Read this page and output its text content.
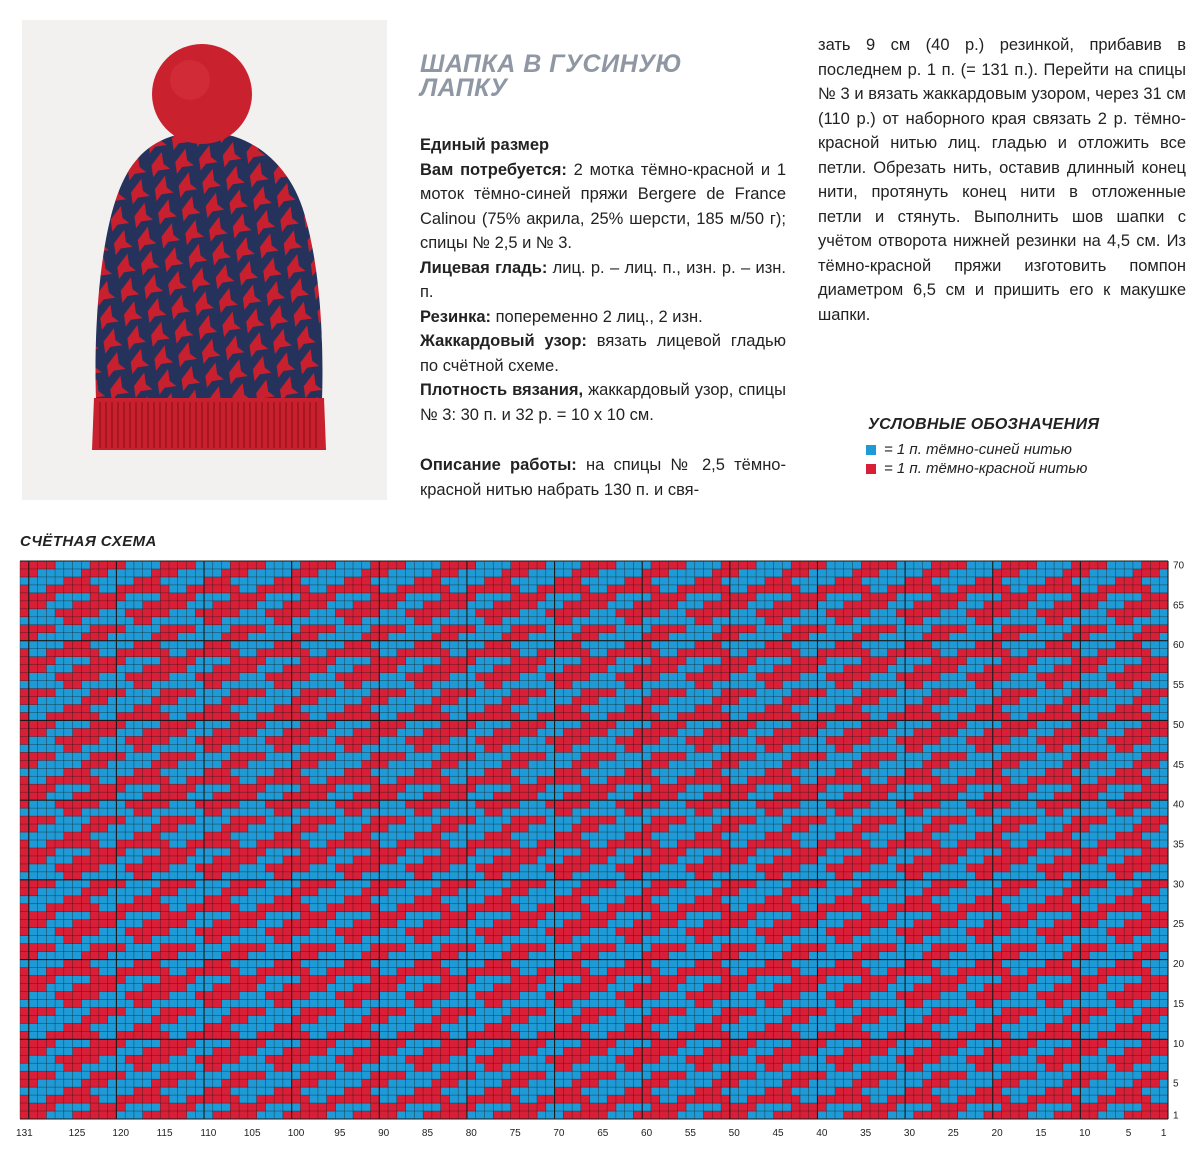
ШАПКА В ГУСИНУЮ ЛАПКУ

Единый размер

Вам потребуется: 2 мотка тёмно-красной и 1 моток тёмно-синей пряжи Bergere de France Calinou (75% акрила, 25% шерсти, 185 м/50 г); спицы № 2,5 и № 3.

Лицевая гладь: лиц. р. – лиц. п., изн. р. – изн. п.

Резинка: попеременно 2 лиц., 2 изн.

Жаккардовый узор: вязать лицевой гладью по счётной схеме.

Плотность вязания, жаккардовый узор, спицы № 3: 30 п. и 32 р. = 10 х 10 см.

Описание работы: на спицы № 2,5 тёмно-красной нитью набрать 130 п. и свя-

зать 9 см (40 р.) резинкой, прибавив в последнем р. 1 п. (= 131 п.). Перейти на спицы № 3 и вязать жаккардовым узором, через 31 см (110 р.) от наборного края связать 2 р. тёмно-красной нитью лиц. гладью и отложить все петли. Обрезать нить, оставив длинный конец нити, протянуть конец нити в отложенные петли и стянуть. Выполнить шов шапки с учётом отворота нижней резинки на 4,5 см. Из тёмно-красной пряжи изготовить помпон диаметром 6,5 см и пришить его к макушке шапки.

УСЛОВНЫЕ ОБОЗНАЧЕНИЯ
= 1 п. тёмно-синей нитью
= 1 п. тёмно-красной нитью
СЧЁТНАЯ СХЕМА
131	125	120	115	110	105	100	95	90	85	80	75	70	65	60	55	50	45	40	35	30	25	20	15	10	5	1
1
5
10
15
20
25
30
35
40
45
50
55
60
65
70
